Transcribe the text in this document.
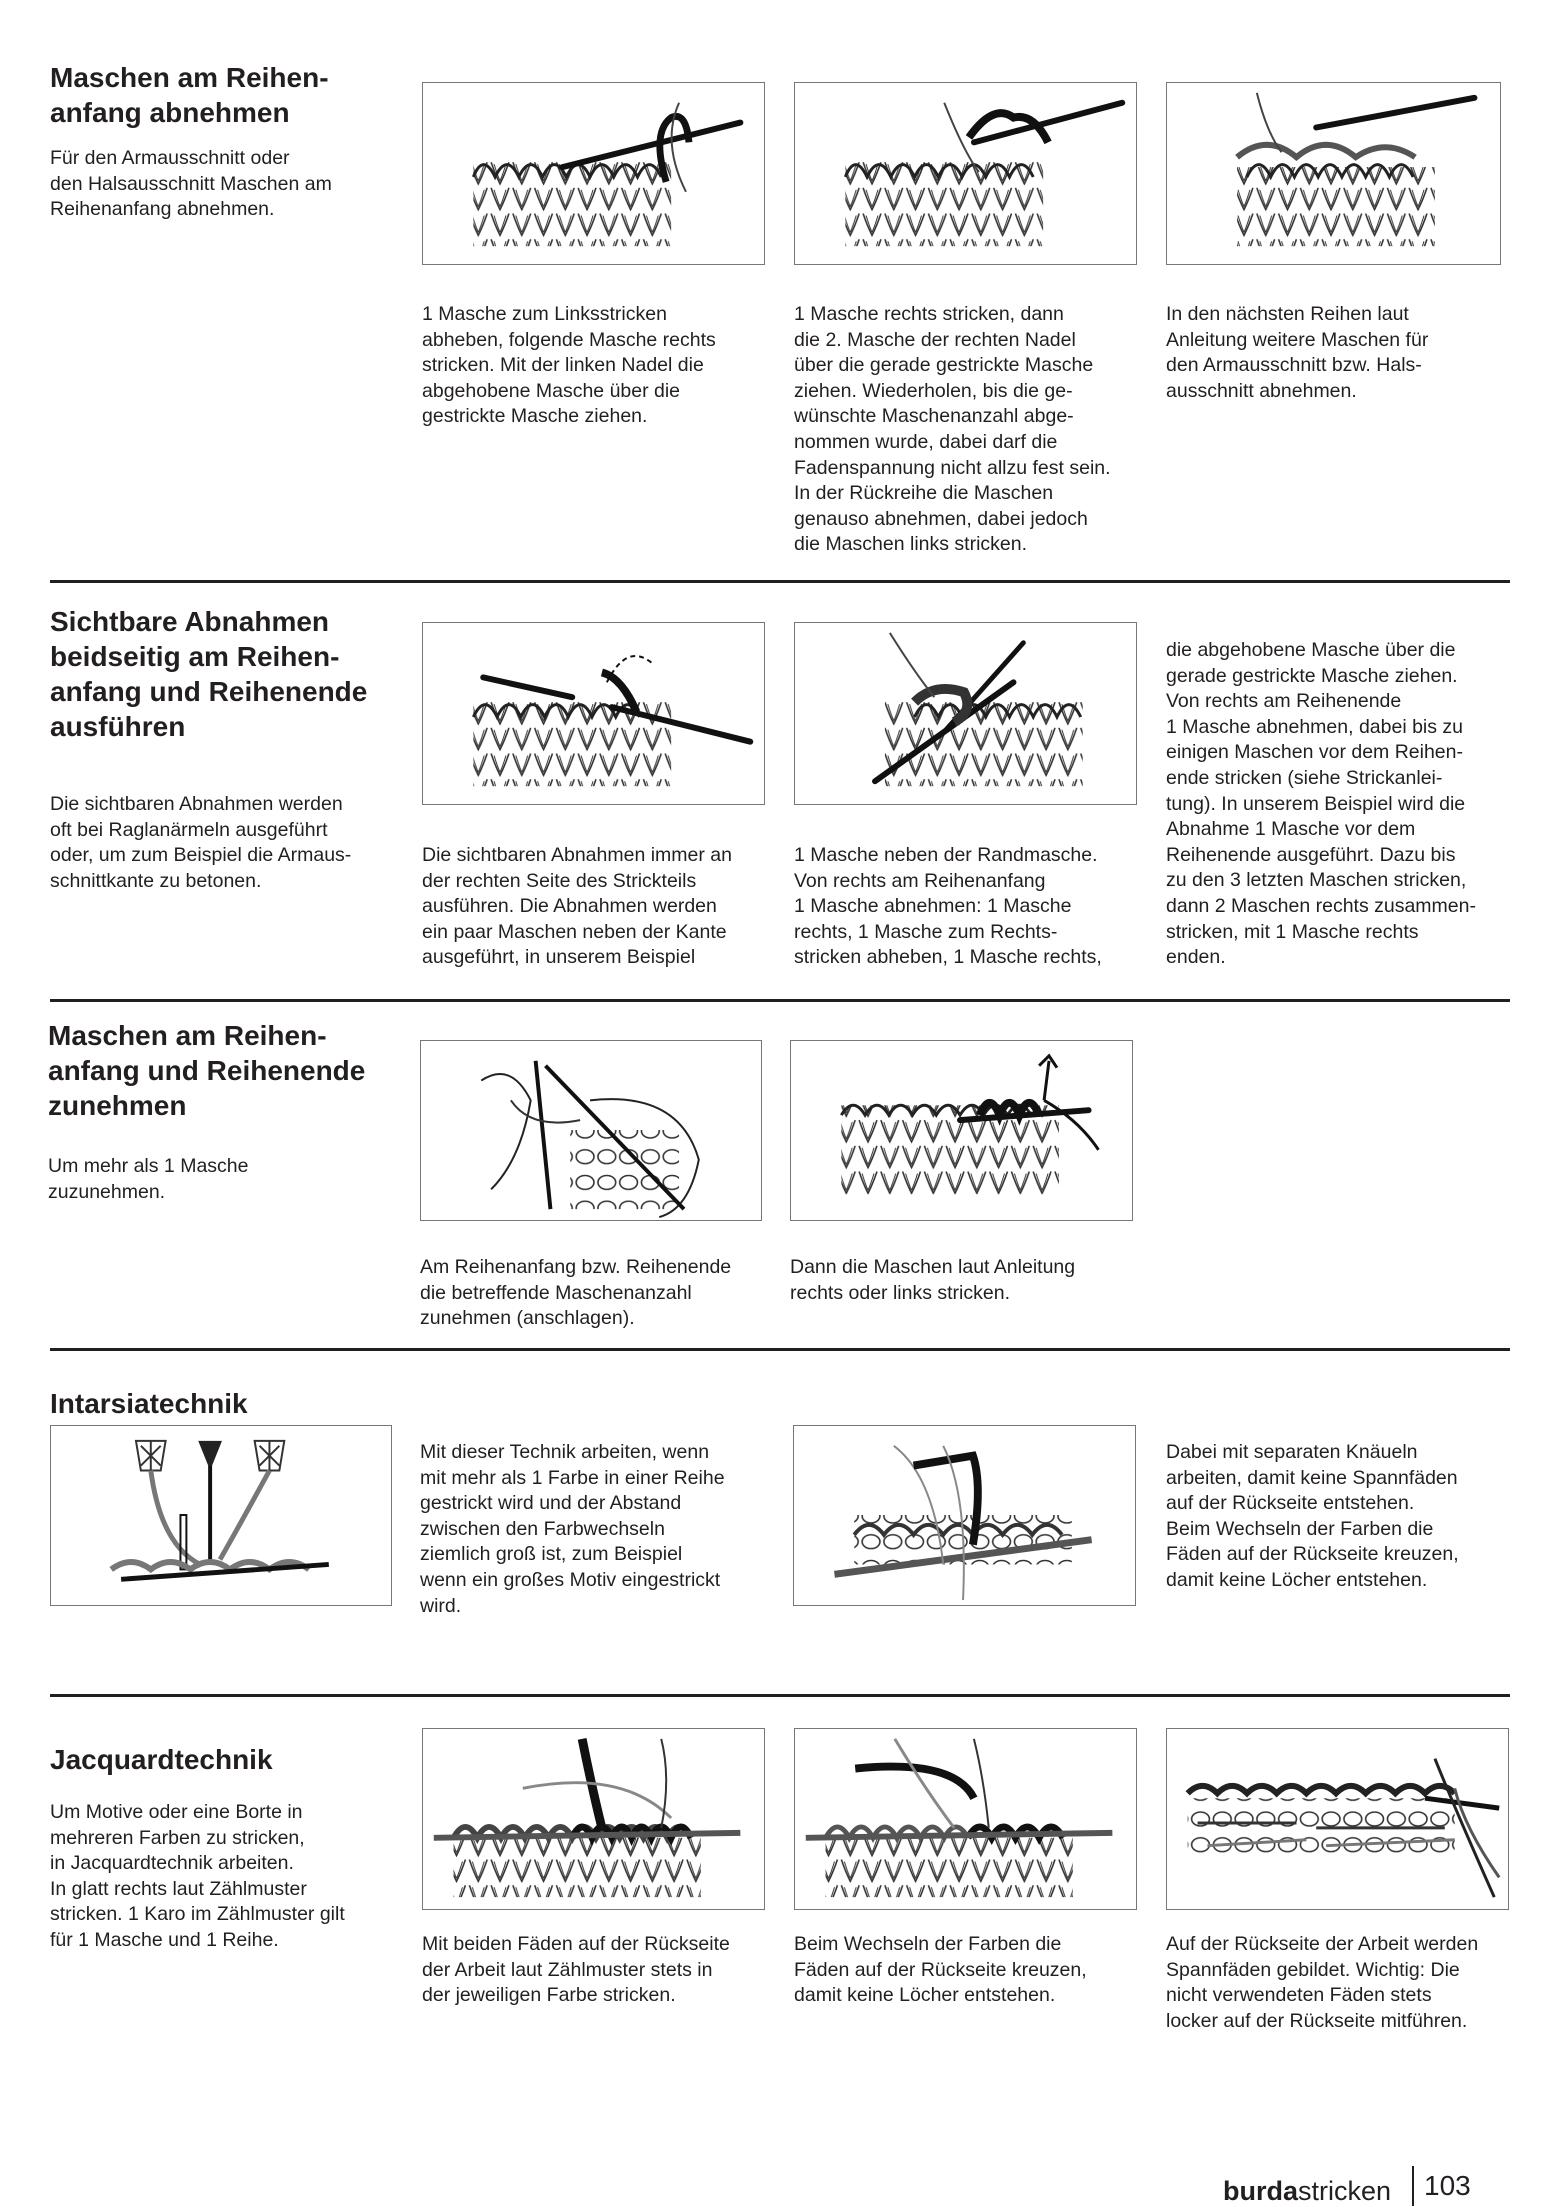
Maschen am Reihen-
anfang abnehmen
Für den Armausschnitt oder
den Halsausschnitt Maschen am
Reihenanfang abnehmen.
1 Masche zum Linksstricken
abheben, folgende Masche rechts
stricken. Mit der linken Nadel die
abgehobene Masche über die
gestrickte Masche ziehen.
1 Masche rechts stricken, dann
die 2. Masche der rechten Nadel
über die gerade gestrickte Masche
ziehen. Wiederholen, bis die ge-
wünschte Maschenanzahl abge-
nommen wurde, dabei darf die
Fadenspannung nicht allzu fest sein.
In der Rückreihe die Maschen
genauso abnehmen, dabei jedoch
die Maschen links stricken.
In den nächsten Reihen laut
Anleitung weitere Maschen für
den Armausschnitt bzw. Hals-
ausschnitt abnehmen.
Sichtbare Abnahmen
beidseitig am Reihen-
anfang und Reihenende
ausführen
Die sichtbaren Abnahmen werden
oft bei Raglanärmeln ausgeführt
oder, um zum Beispiel die Armaus-
schnittkante zu betonen.
Die sichtbaren Abnahmen immer an
der rechten Seite des Strickteils
ausführen. Die Abnahmen werden
ein paar Maschen neben der Kante
ausgeführt, in unserem Beispiel
1 Masche neben der Randmasche.
Von rechts am Reihenanfang
1 Masche abnehmen: 1 Masche
rechts, 1 Masche zum Rechts-
stricken abheben, 1 Masche rechts,
die abgehobene Masche über die
gerade gestrickte Masche ziehen.
Von rechts am Reihenende
1 Masche abnehmen, dabei bis zu
einigen Maschen vor dem Reihen-
ende stricken (siehe Strickanlei-
tung). In unserem Beispiel wird die
Abnahme 1 Masche vor dem
Reihenende ausgeführt. Dazu bis
zu den 3 letzten Maschen stricken,
dann 2 Maschen rechts zusammen-
stricken, mit 1 Masche rechts
enden.
Maschen am Reihen-
anfang und Reihenende
zunehmen
Um mehr als 1 Masche
zuzunehmen.
Am Reihenanfang bzw. Reihenende
die betreffende Maschenanzahl
zunehmen (anschlagen).
Dann die Maschen laut Anleitung
rechts oder links stricken.
Intarsiatechnik
Mit dieser Technik arbeiten, wenn
mit mehr als 1 Farbe in einer Reihe
gestrickt wird und der Abstand
zwischen den Farbwechseln
ziemlich groß ist, zum Beispiel
wenn ein großes Motiv eingestrickt
wird.
Dabei mit separaten Knäueln
arbeiten, damit keine Spannfäden
auf der Rückseite entstehen.
Beim Wechseln der Farben die
Fäden auf der Rückseite kreuzen,
damit keine Löcher entstehen.
Jacquardtechnik
Um Motive oder eine Borte in
mehreren Farben zu stricken,
in Jacquardtechnik arbeiten.
In glatt rechts laut Zählmuster
stricken. 1 Karo im Zählmuster gilt
für 1 Masche und 1 Reihe.	Mit beiden Fäden auf der Rückseite
der Arbeit laut Zählmuster stets in
der jeweiligen Farbe stricken.
Beim Wechseln der Farben die
Fäden auf der Rückseite kreuzen,
damit keine Löcher entstehen.
Auf der Rückseite der Arbeit werden
Spannfäden gebildet. Wichtig: Die
nicht verwendeten Fäden stets
locker auf der Rückseite mitführen.
burdastricken 103
